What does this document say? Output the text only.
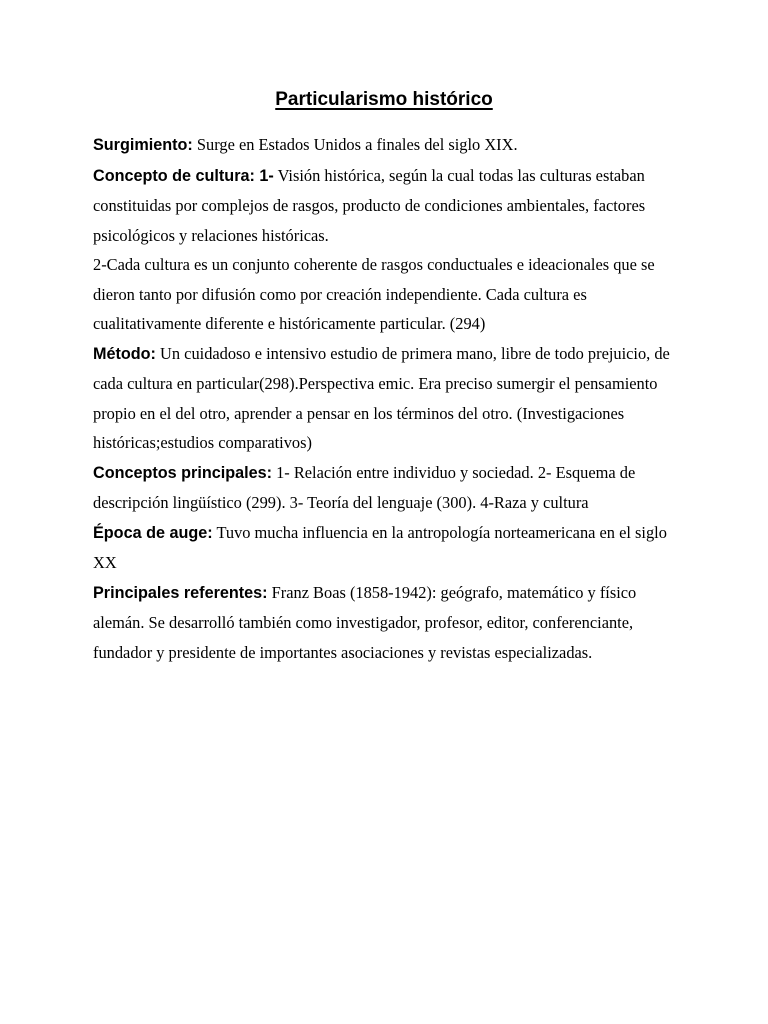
Particularismo histórico

Surgimiento: Surge en Estados Unidos a finales del siglo XIX.

Concepto de cultura: 1- Visión histórica, según la cual todas las culturas estaban constituidas por complejos de rasgos, producto de condiciones ambientales, factores psicológicos y relaciones históricas.

2-Cada cultura es un conjunto coherente de rasgos conductuales e ideacionales que se dieron tanto por difusión como por creación independiente. Cada cultura es cualitativamente diferente e históricamente particular. (294)

Método: Un cuidadoso e intensivo estudio de primera mano, libre de todo prejuicio, de cada cultura en particular(298).Perspectiva emic. Era preciso sumergir el pensamiento propio en el del otro, aprender a pensar en los términos del otro. (Investigaciones históricas;estudios comparativos)

Conceptos principales: 1- Relación entre individuo y sociedad. 2- Esquema de descripción lingüístico (299). 3- Teoría del lenguaje (300). 4-Raza y cultura

Época de auge: Tuvo mucha influencia en la antropología norteamericana en el siglo XX

Principales referentes: Franz Boas (1858-1942): geógrafo, matemático y físico alemán. Se desarrolló también como investigador, profesor, editor, conferenciante, fundador y presidente de importantes asociaciones y revistas especializadas.
